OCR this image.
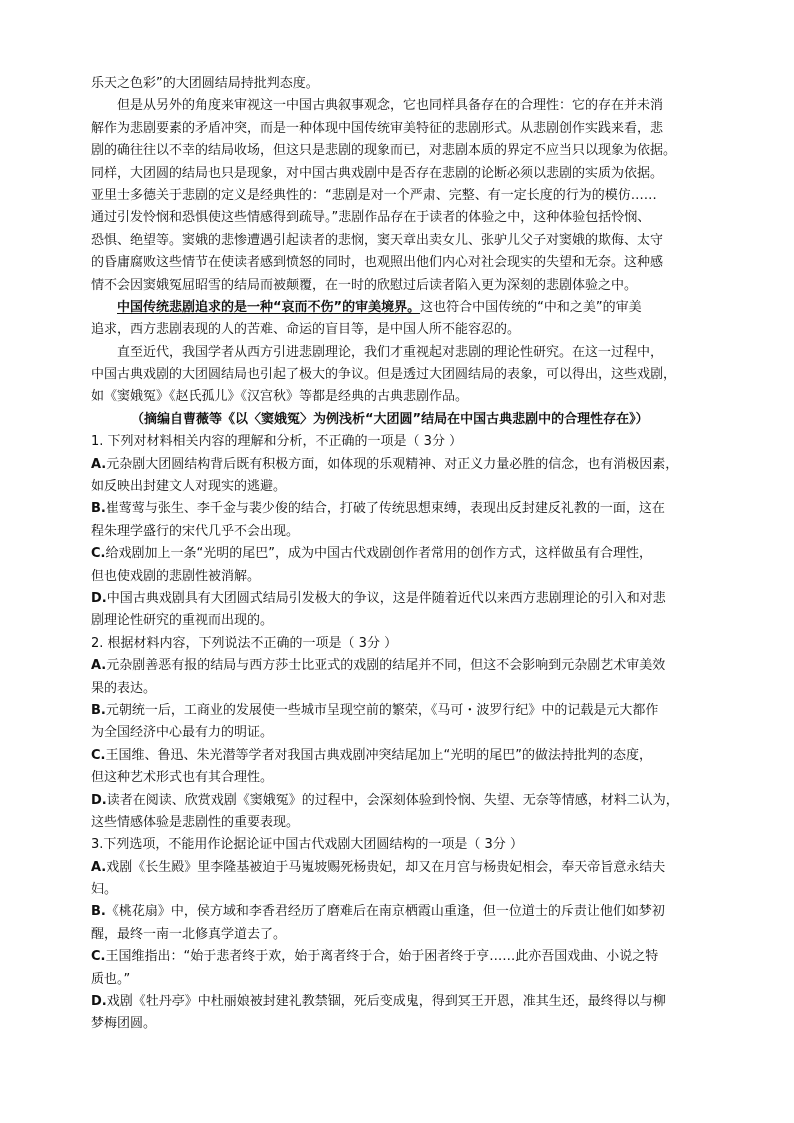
乐天之色彩”的大团圆结局持批判态度。
但是从另外的角度来审视这一中国古典叙事观念，它也同样具备存在的合理性：它的存在并未消
解作为悲剧要素的矛盾冲突，而是一种体现中国传统审美特征的悲剧形式。从悲剧创作实践来看，悲
剧的确往往以不幸的结局收场，但这只是悲剧的现象而已，对悲剧本质的界定不应当只以现象为依据。
同样，大团圆的结局也只是现象，对中国古典戏剧中是否存在悲剧的论断必须以悲剧的实质为依据。
亚里士多德关于悲剧的定义是经典性的：“悲剧是对一个严肃、完整、有一定长度的行为的模仿……
通过引发怜悯和恐惧使这些情感得到疏导。”悲剧作品存在于读者的体验之中，这种体验包括怜悯、
恐惧、绝望等。窦娥的悲惨遭遇引起读者的悲悯，窦天章出卖女儿、张驴儿父子对窦娥的欺侮、太守
的昏庸腐败这些情节在使读者感到愤怒的同时，也观照出他们内心对社会现实的失望和无奈。这种感
情不会因窦娥冤屈昭雪的结局而被颠覆，在一时的欣慰过后读者陷入更为深刻的悲剧体验之中。
中国传统悲剧追求的是一种“哀而不伤”的审美境界。这也符合中国传统的“中和之美”的审美
追求，西方悲剧表现的人的苦难、命运的盲目等，是中国人所不能容忍的。
直至近代，我国学者从西方引进悲剧理论，我们才重视起对悲剧的理论性研究。在这一过程中，
中国古典戏剧的大团圆结局也引起了极大的争议。但是透过大团圆结局的表象，可以得出，这些戏剧，
如《窦娥冤》《赵氏孤儿》《汉宫秋》等都是经典的古典悲剧作品。
（摘编自曹薇等《以〈窦娥冤〉为例浅析“大团圆”结局在中国古典悲剧中的合理性存在》）
1. 下列对材料相关内容的理解和分析，不正确的一项是（ 3分 ）
A.元杂剧大团圆结构背后既有积极方面，如体现的乐观精神、对正义力量必胜的信念，也有消极因素，
如反映出封建文人对现实的逃避。
B.崔莺莺与张生、李千金与裴少俊的结合，打破了传统思想束缚，表现出反封建反礼教的一面，这在
程朱理学盛行的宋代几乎不会出现。
C.给戏剧加上一条“光明的尾巴”，成为中国古代戏剧创作者常用的创作方式，这样做虽有合理性，
但也使戏剧的悲剧性被消解。
D.中国古典戏剧具有大团圆式结局引发极大的争议，这是伴随着近代以来西方悲剧理论的引入和对悲
剧理论性研究的重视而出现的。
2. 根据材料内容，下列说法不正确的一项是（ 3分 ）
A.元杂剧善恶有报的结局与西方莎士比亚式的戏剧的结尾并不同，但这不会影响到元杂剧艺术审美效
果的表达。
B.元朝统一后，工商业的发展使一些城市呈现空前的繁荣，《马可・波罗行纪》中的记载是元大都作
为全国经济中心最有力的明证。
C.王国维、鲁迅、朱光潜等学者对我国古典戏剧冲突结尾加上“光明的尾巴”的做法持批判的态度，
但这种艺术形式也有其合理性。
D.读者在阅读、欣赏戏剧《窦娥冤》的过程中，会深刻体验到怜悯、失望、无奈等情感，材料二认为，
这些情感体验是悲剧性的重要表现。
3.下列选项，不能用作论据论证中国古代戏剧大团圆结构的一项是（ 3分 ）
A.戏剧《长生殿》里李隆基被迫于马嵬坡赐死杨贵妃，却又在月宫与杨贵妃相会，奉天帝旨意永结夫
妇。
B.《桃花扇》中，侯方域和李香君经历了磨难后在南京栖霞山重逢，但一位道士的斥责让他们如梦初
醒，最终一南一北修真学道去了。
C.王国维指出：“始于悲者终于欢，始于离者终于合，始于困者终于亨……此亦吾国戏曲、小说之特
质也。”
D.戏剧《牡丹亭》中杜丽娘被封建礼教禁锢，死后变成鬼，得到冥王开恩，准其生还，最终得以与柳
梦梅团圆。
